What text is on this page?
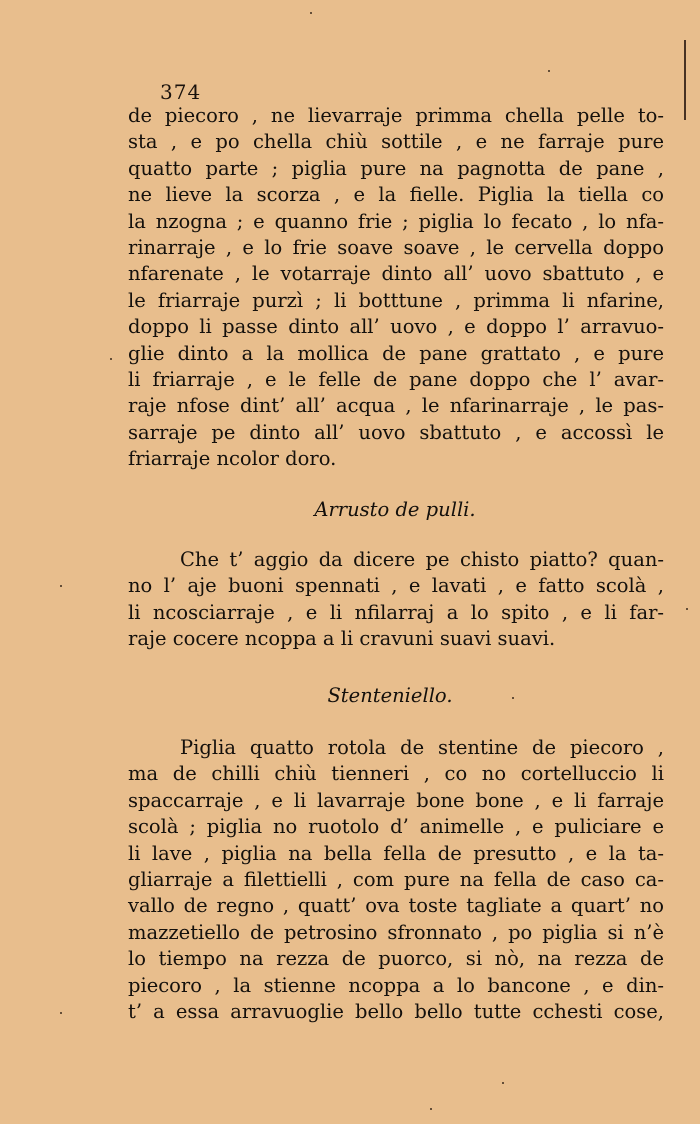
374
de piecoro , ne lievarraje primma chella pelle to-
sta , e po chella chiù sottile , e ne farraje pure
quatto parte ; piglia pure na pagnotta de pane ,
ne lieve la scorza , e la fielle. Piglia la tiella co
la nzogna ; e quanno frie ; piglia lo fecato , lo nfa-
rinarraje , e lo frie soave soave , le cervella doppo
nfarenate , le votarraje dinto all’ uovo sbattuto , e
le friarraje purzì ; li botttune , primma li nfarine,
doppo li passe dinto all’ uovo , e doppo l’ arravuo-
glie dinto a la mollica de pane grattato , e pure
li friarraje , e le felle de pane doppo che l’ avar-
raje nfose dint’ all’ acqua , le nfarinarraje , le pas-
sarraje pe dinto all’ uovo sbattuto , e accossì le
friarraje ncolor doro.
Arrusto de pulli.
Che t’ aggio da dicere pe chisto piatto? quan-
no l’ aje buoni spennati , e lavati , e fatto scolà ,
li ncosciarraje , e li nfilarraj a lo spito , e li far-
raje cocere ncoppa a li cravuni suavi suavi.
Stenteniello.
Piglia quatto rotola de stentine de piecoro ,
ma de chilli chiù tienneri , co no cortelluccio li
spaccarraje , e li lavarraje bone bone , e li farraje
scolà ; piglia no ruotolo d’ animelle , e puliciare e
li lave , piglia na bella fella de presutto , e la ta-
gliarraje a filettielli , com pure na fella de caso ca-
vallo de regno , quatt’ ova toste tagliate a quart’ no
mazzetiello de petrosino sfronnato , po piglia si n’è
lo tiempo na rezza de puorco, si nò, na rezza de
piecoro , la stienne ncoppa a lo bancone , e din-
t’ a essa arravuoglie bello bello tutte cchesti cose,
